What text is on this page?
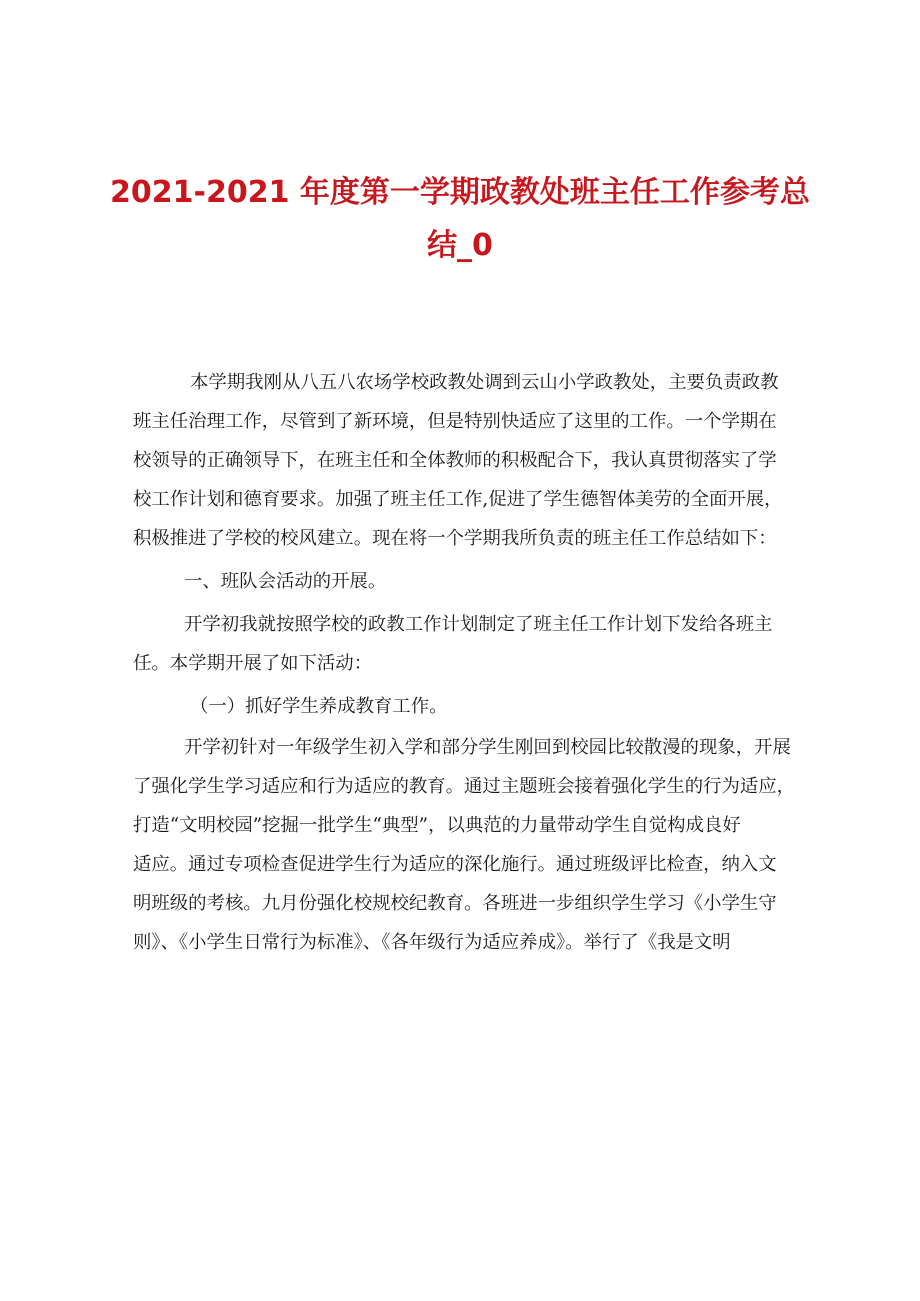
2021-2021 年度第一学期政教处班主任工作参考总
结_0

本学期我刚从八五八农场学校政教处调到云山小学政教处，主要负责政教
班主任治理工作，尽管到了新环境，但是特别快适应了这里的工作。一个学期在
校领导的正确领导下，在班主任和全体教师的积极配合下，我认真贯彻落实了学
校工作计划和德育要求。加强了班主任工作,促进了学生德智体美劳的全面开展，
积极推进了学校的校风建立。现在将一个学期我所负责的班主任工作总结如下：

一、班队会活动的开展。

开学初我就按照学校的政教工作计划制定了班主任工作计划下发给各班主
任。本学期开展了如下活动：

（一）抓好学生养成教育工作。

开学初针对一年级学生初入学和部分学生刚回到校园比较散漫的现象，开展
了强化学生学习适应和行为适应的教育。通过主题班会接着强化学生的行为适应，
打造“文明校园”挖掘一批学生“典型”，以典范的力量带动学生自觉构成良好
适应。通过专项检查促进学生行为适应的深化施行。通过班级评比检查，纳入文
明班级的考核。九月份强化校规校纪教育。各班进一步组织学生学习《小学生守
则》、《小学生日常行为标准》、《各年级行为适应养成》。举行了《我是文明
